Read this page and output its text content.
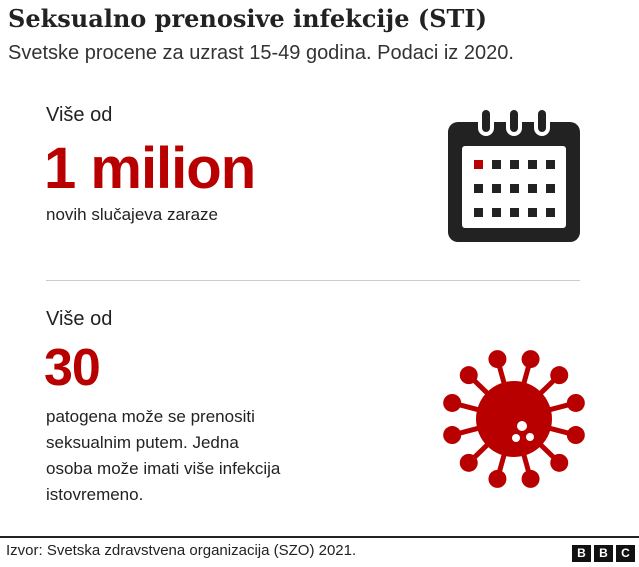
Seksualno prenosive infekcije (STI)
Svetske procene za uzrast 15-49 godina. Podaci iz 2020.
Više od
1 milion
novih slučajeva zaraze
Više od
30
patogena može se prenositi
seksualnim putem. Jedna
osoba može imati više infekcija
istovremeno.
Izvor: Svetska zdravstvena organizacija (SZO) 2021.	B	B	C
